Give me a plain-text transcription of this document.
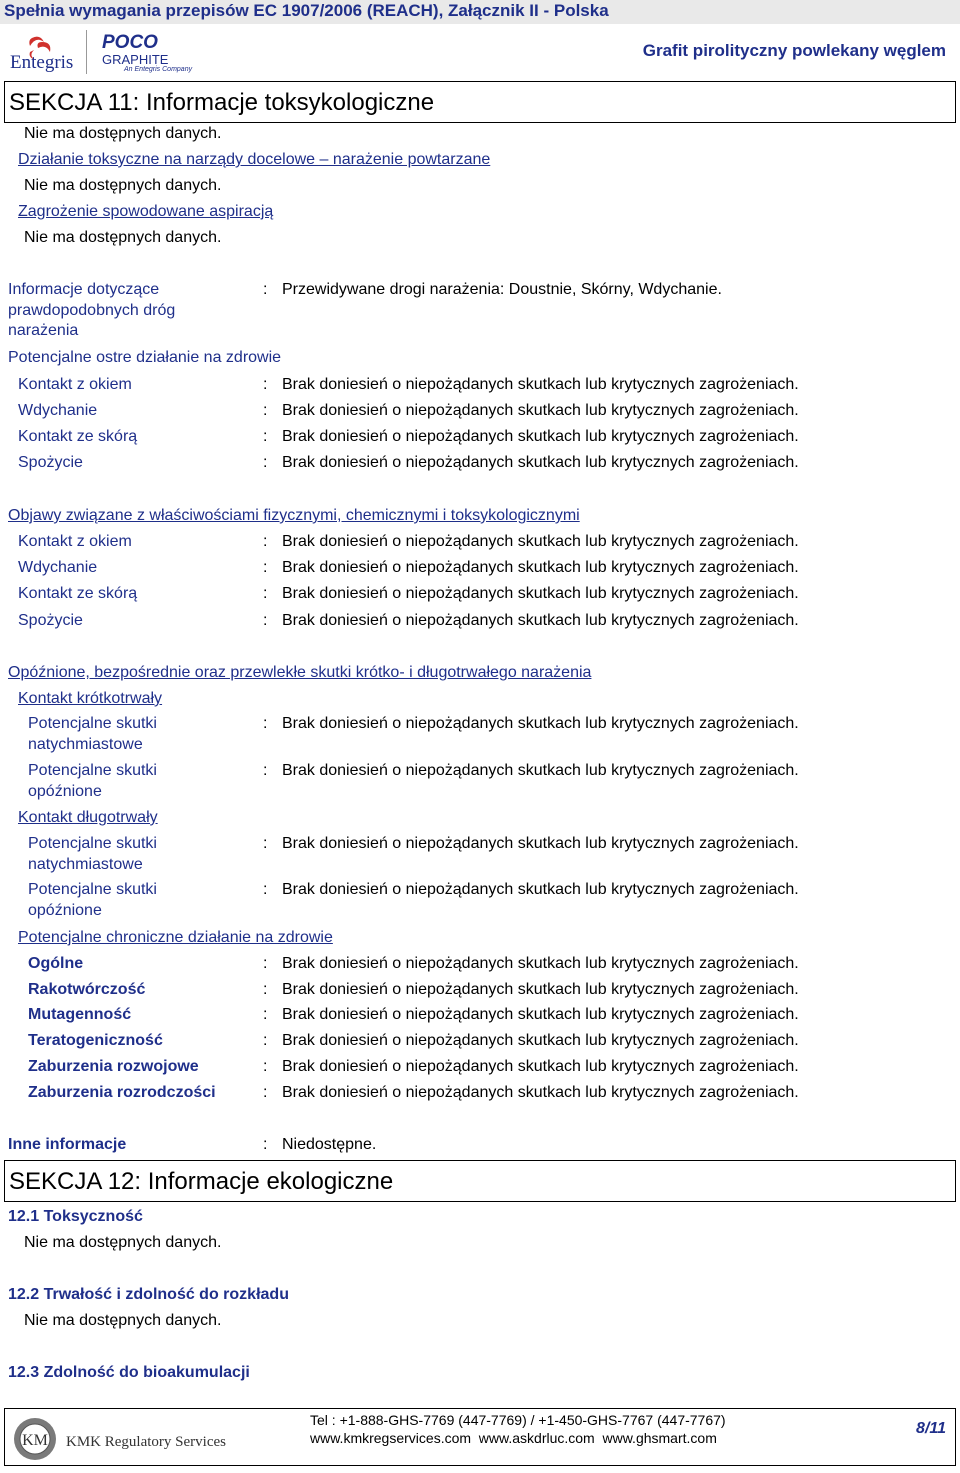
Spełnia wymagania przepisów EC 1907/2006 (REACH), Załącznik II - Polska
Entegris
POCO
GRAPHITE
An Entegris Company
Grafit pirolityczny powlekany węglem
SEKCJA 11: Informacje toksykologiczne
Nie ma dostępnych danych.
Działanie toksyczne na narządy docelowe – narażenie powtarzane
Nie ma dostępnych danych.
Zagrożenie spowodowane aspiracją
Nie ma dostępnych danych.
Informacje dotyczące
prawdopodobnych dróg
narażenia
: Przewidywane drogi narażenia: Doustnie, Skórny, Wdychanie.
Potencjalne ostre działanie na zdrowie
Kontakt z okiem	: Brak doniesień o niepożądanych skutkach lub krytycznych zagrożeniach.
Wdychanie	: Brak doniesień o niepożądanych skutkach lub krytycznych zagrożeniach.
Kontakt ze skórą	: Brak doniesień o niepożądanych skutkach lub krytycznych zagrożeniach.
Spożycie	: Brak doniesień o niepożądanych skutkach lub krytycznych zagrożeniach.
Objawy związane z właściwościami fizycznymi, chemicznymi i toksykologicznymi
Kontakt z okiem	: Brak doniesień o niepożądanych skutkach lub krytycznych zagrożeniach.
Wdychanie	: Brak doniesień o niepożądanych skutkach lub krytycznych zagrożeniach.
Kontakt ze skórą	: Brak doniesień o niepożądanych skutkach lub krytycznych zagrożeniach.
Spożycie	: Brak doniesień o niepożądanych skutkach lub krytycznych zagrożeniach.
Opóźnione, bezpośrednie oraz przewlekłe skutki krótko- i długotrwałego narażenia
Kontakt krótkotrwały
Potencjalne skutki
natychmiastowe
: Brak doniesień o niepożądanych skutkach lub krytycznych zagrożeniach.
Potencjalne skutki
opóźnione
: Brak doniesień o niepożądanych skutkach lub krytycznych zagrożeniach.
Kontakt długotrwały
Potencjalne skutki
natychmiastowe
: Brak doniesień o niepożądanych skutkach lub krytycznych zagrożeniach.
Potencjalne skutki
opóźnione
: Brak doniesień o niepożądanych skutkach lub krytycznych zagrożeniach.
Potencjalne chroniczne działanie na zdrowie
Ogólne	: Brak doniesień o niepożądanych skutkach lub krytycznych zagrożeniach.
Rakotwórczość	: Brak doniesień o niepożądanych skutkach lub krytycznych zagrożeniach.
Mutagenność	: Brak doniesień o niepożądanych skutkach lub krytycznych zagrożeniach.
Teratogeniczność	: Brak doniesień o niepożądanych skutkach lub krytycznych zagrożeniach.
Zaburzenia rozwojowe	: Brak doniesień o niepożądanych skutkach lub krytycznych zagrożeniach.
Zaburzenia rozrodczości	: Brak doniesień o niepożądanych skutkach lub krytycznych zagrożeniach.
Inne informacje	: Niedostępne.
SEKCJA 12: Informacje ekologiczne
12.1 Toksyczność
Nie ma dostępnych danych.
12.2 Trwałość i zdolność do rozkładu
Nie ma dostępnych danych.
12.3 Zdolność do bioakumulacji
KM KMK Regulatory Services
Tel : +1-888-GHS-7769 (447-7769) / +1-450-GHS-7767 (447-7767)
www.kmkregservices.com  www.askdrluc.com  www.ghsmart.com
8/11
